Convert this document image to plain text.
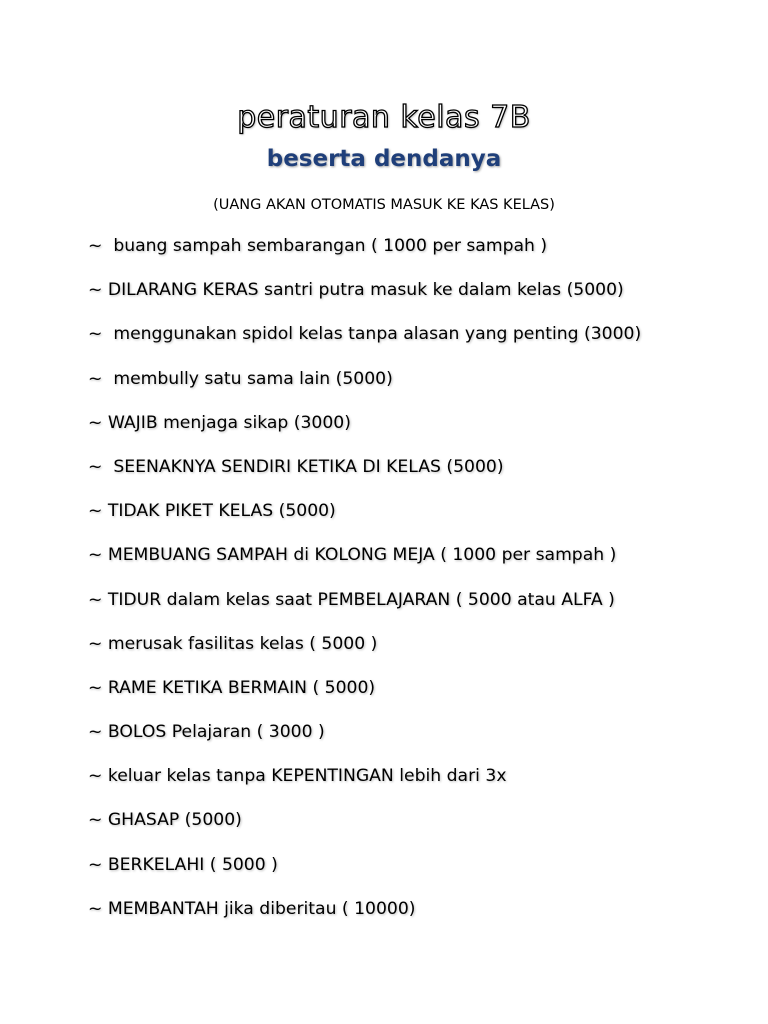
peraturan kelas 7B
beserta dendanya
(UANG AKAN OTOMATIS MASUK KE KAS KELAS)
~  buang sampah sembarangan ( 1000 per sampah )
~ DILARANG KERAS santri putra masuk ke dalam kelas (5000)
~  menggunakan spidol kelas tanpa alasan yang penting (3000)
~  membully satu sama lain (5000)
~ WAJIB menjaga sikap (3000)
~  SEENAKNYA SENDIRI KETIKA DI KELAS (5000)
~ TIDAK PIKET KELAS (5000)
~ MEMBUANG SAMPAH di KOLONG MEJA ( 1000 per sampah )
~ TIDUR dalam kelas saat PEMBELAJARAN ( 5000 atau ALFA )
~ merusak fasilitas kelas ( 5000 )
~ RAME KETIKA BERMAIN ( 5000)
~ BOLOS Pelajaran ( 3000 )
~ keluar kelas tanpa KEPENTINGAN lebih dari 3x
~ GHASAP (5000)
~ BERKELAHI ( 5000 )
~ MEMBANTAH jika diberitau ( 10000)
